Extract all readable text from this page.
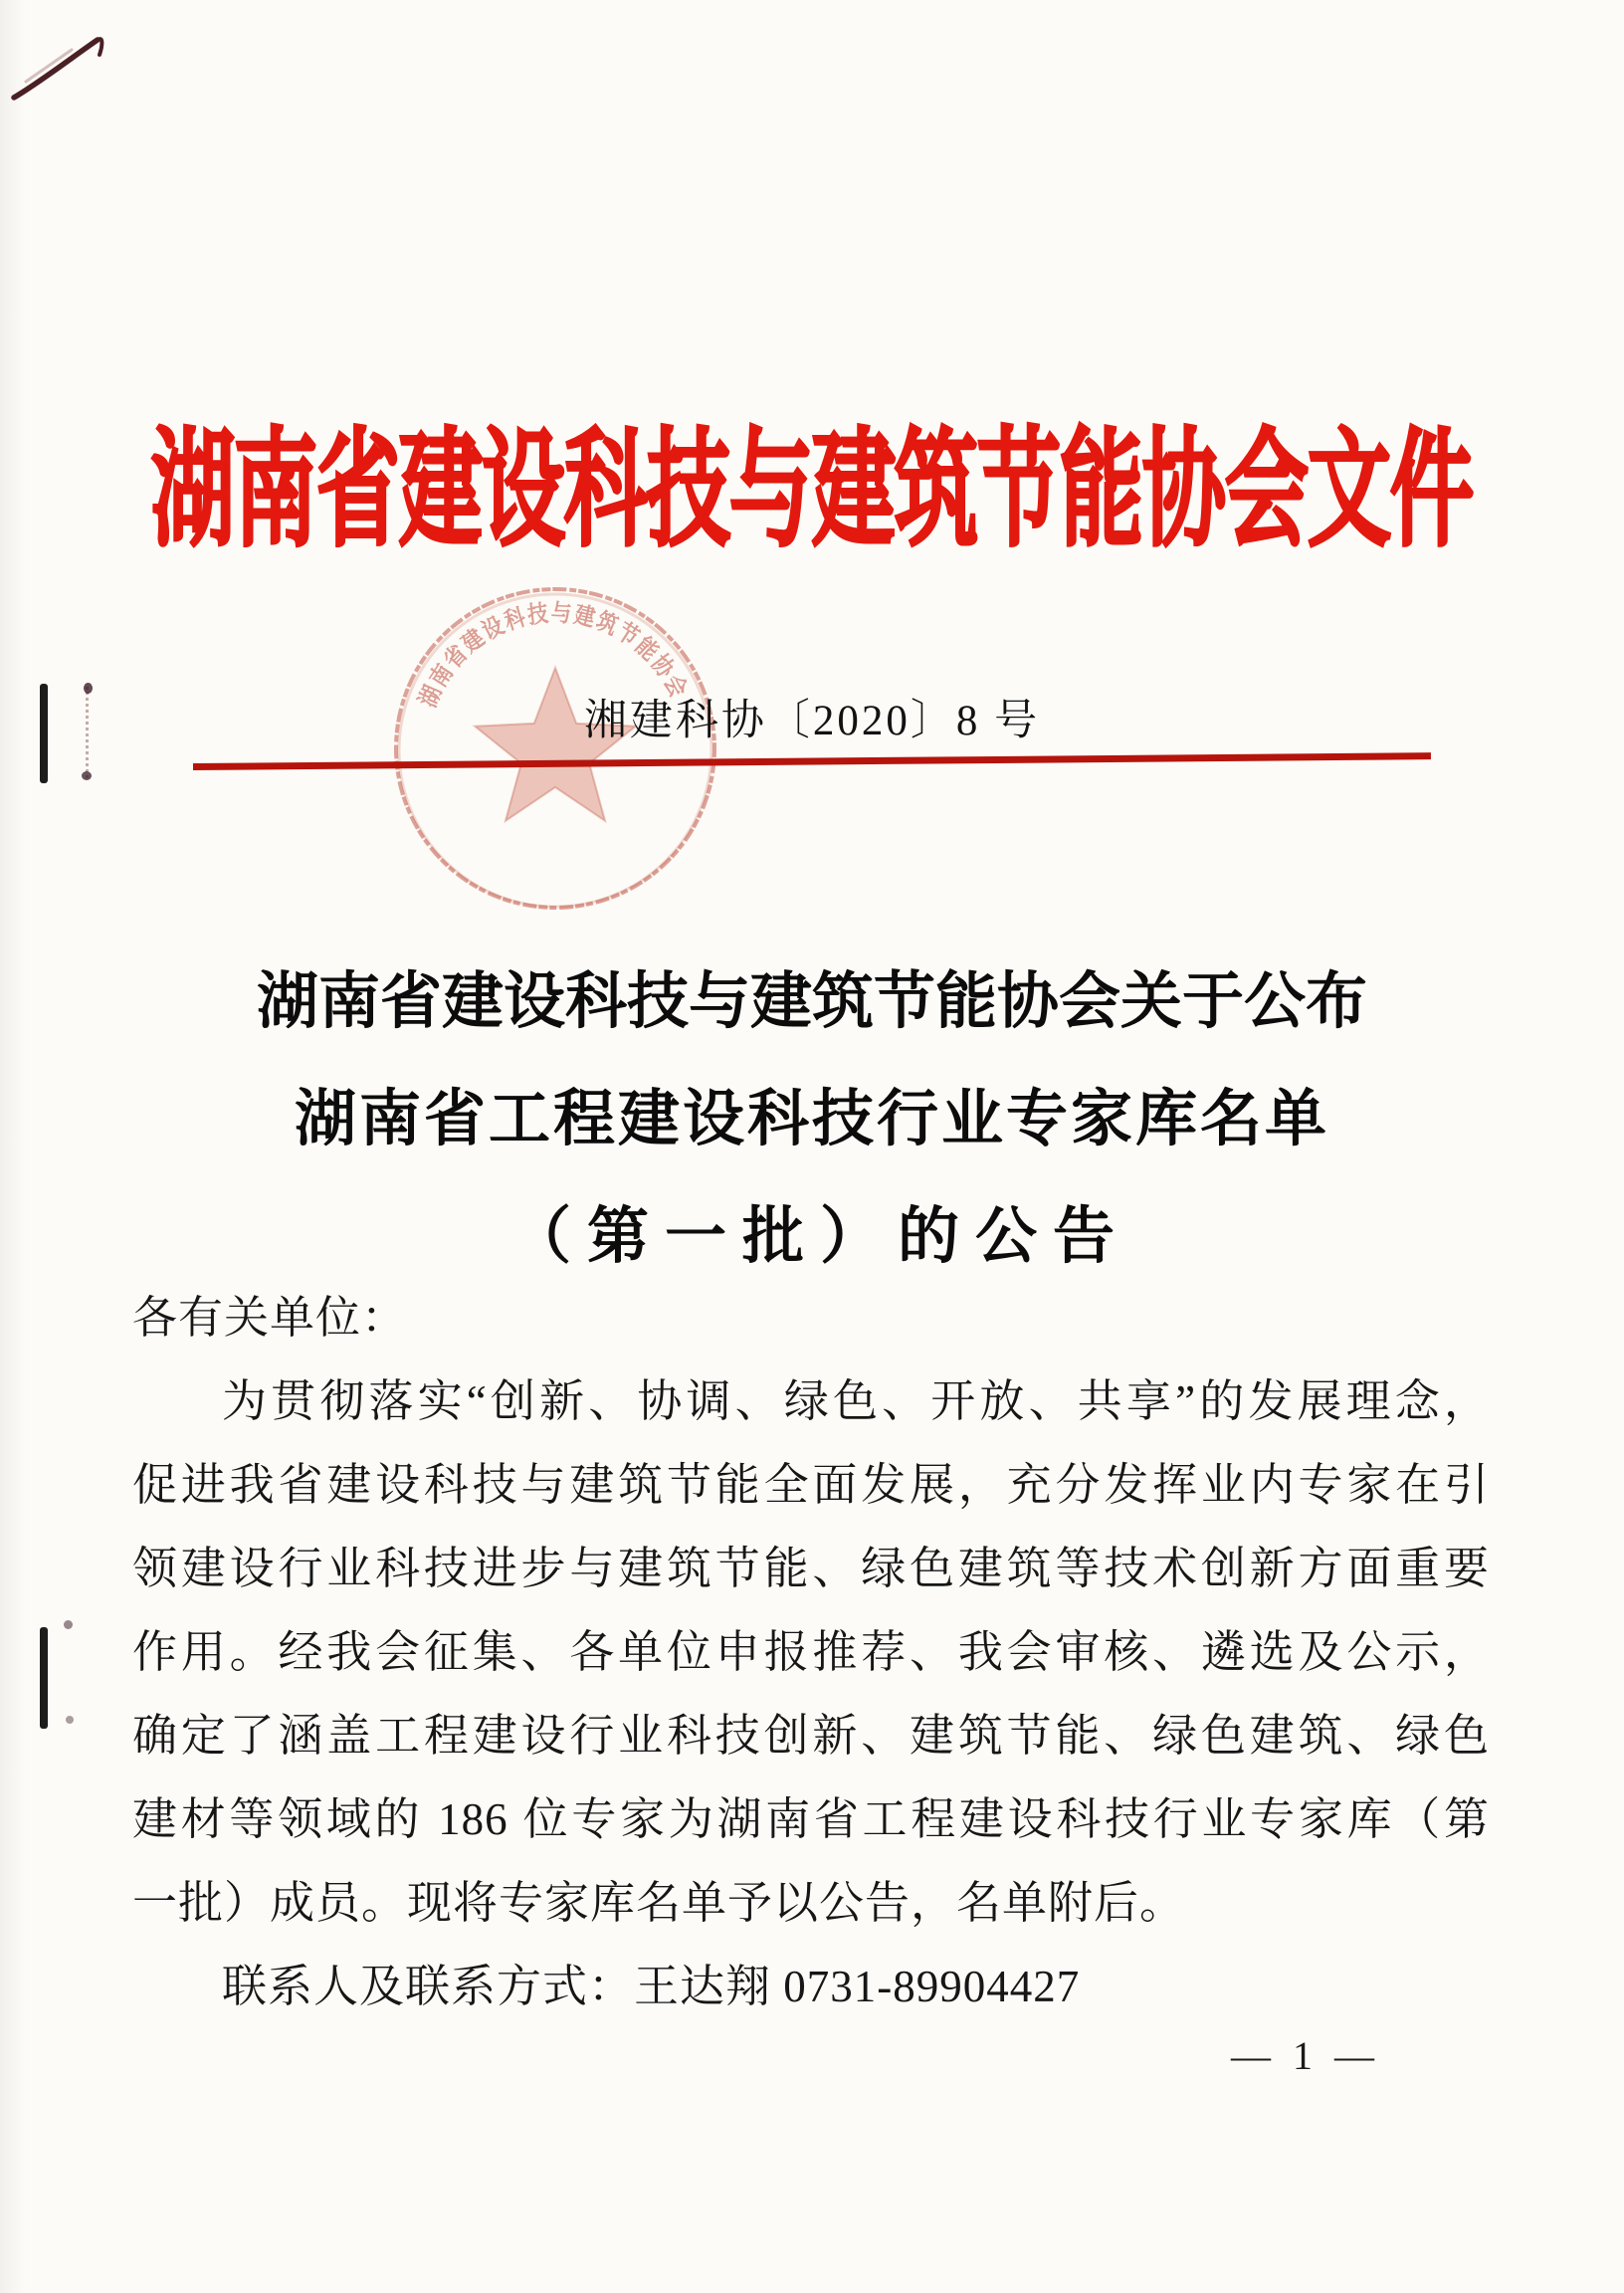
湖南省建设科技与建筑节能协会文件
湖南省建设科技与建筑节能协会
湘建科协〔2020〕8 号
湖南省建设科技与建筑节能协会关于公布
湖南省工程建设科技行业专家库名单
（第一批）的公告
各有关单位：
为贯彻落实“创新、协调、绿色、开放、共享”的发展理念，
促进我省建设科技与建筑节能全面发展，充分发挥业内专家在引
领建设行业科技进步与建筑节能、绿色建筑等技术创新方面重要
作用。经我会征集、各单位申报推荐、我会审核、遴选及公示，
确定了涵盖工程建设行业科技创新、建筑节能、绿色建筑、绿色
建材等领域的 186 位专家为湖南省工程建设科技行业专家库（第
一批）成员。现将专家库名单予以公告，名单附后。
联系人及联系方式：王达翔 0731-89904427
— 1 —
